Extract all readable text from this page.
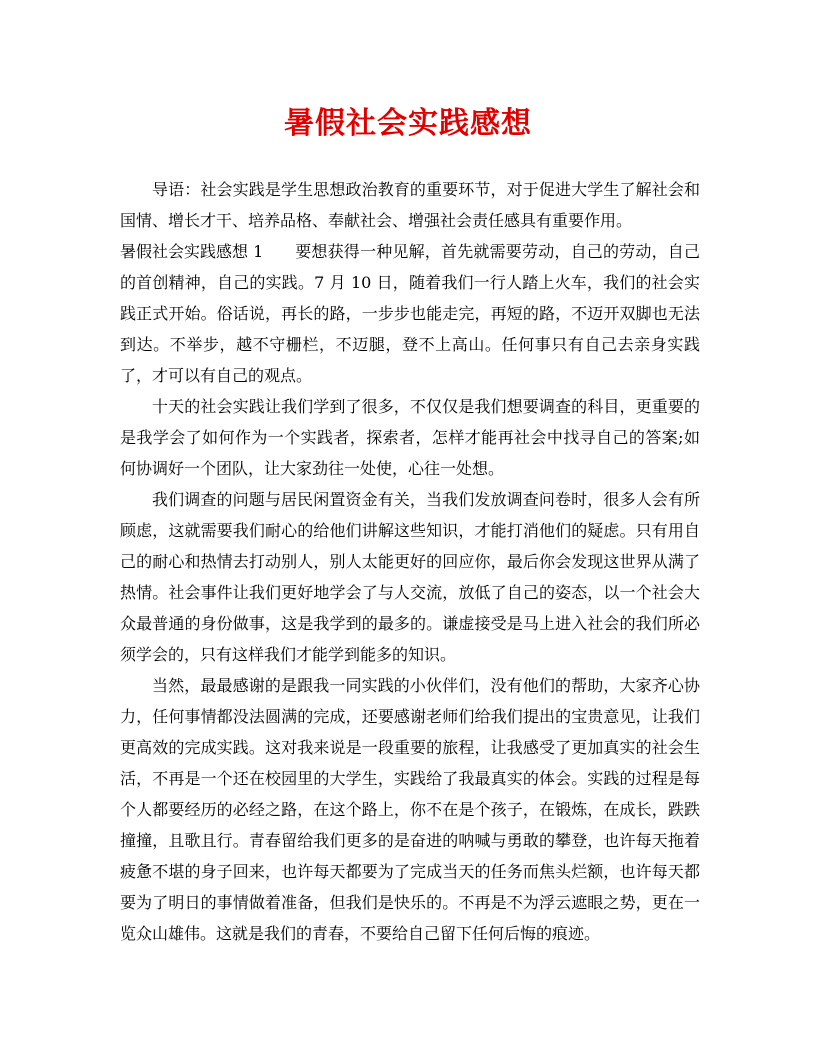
暑假社会实践感想

导语：社会实践是学生思想政治教育的重要环节，对于促进大学生了解社会和国情、增长才干、培养品格、奉献社会、增强社会责任感具有重要作用。

暑假社会实践感想 1 要想获得一种见解，首先就需要劳动，自己的劳动，自己的首创精神，自己的实践。7 月 10 日，随着我们一行人踏上火车，我们的社会实践正式开始。俗话说，再长的路，一步步也能走完，再短的路，不迈开双脚也无法到达。不举步，越不守栅栏，不迈腿，登不上高山。任何事只有自己去亲身实践了，才可以有自己的观点。

十天的社会实践让我们学到了很多，不仅仅是我们想要调查的科目，更重要的是我学会了如何作为一个实践者，探索者，怎样才能再社会中找寻自己的答案;如何协调好一个团队，让大家劲往一处使，心往一处想。

我们调查的问题与居民闲置资金有关，当我们发放调查问卷时，很多人会有所顾虑，这就需要我们耐心的给他们讲解这些知识，才能打消他们的疑虑。只有用自己的耐心和热情去打动别人，别人太能更好的回应你，最后你会发现这世界从满了热情。社会事件让我们更好地学会了与人交流，放低了自己的姿态，以一个社会大众最普通的身份做事，这是我学到的最多的。谦虚接受是马上进入社会的我们所必须学会的，只有这样我们才能学到能多的知识。

当然，最最感谢的是跟我一同实践的小伙伴们，没有他们的帮助，大家齐心协力，任何事情都没法圆满的完成，还要感谢老师们给我们提出的宝贵意见，让我们更高效的完成实践。这对我来说是一段重要的旅程，让我感受了更加真实的社会生活，不再是一个还在校园里的大学生，实践给了我最真实的体会。实践的过程是每个人都要经历的必经之路，在这个路上，你不在是个孩子，在锻炼，在成长，跌跌撞撞，且歌且行。青春留给我们更多的是奋进的呐喊与勇敢的攀登，也许每天拖着疲惫不堪的身子回来，也许每天都要为了完成当天的任务而焦头烂额，也许每天都要为了明日的事情做着准备，但我们是快乐的。不再是不为浮云遮眼之势，更在一览众山雄伟。这就是我们的青春，不要给自己留下任何后悔的痕迹。
